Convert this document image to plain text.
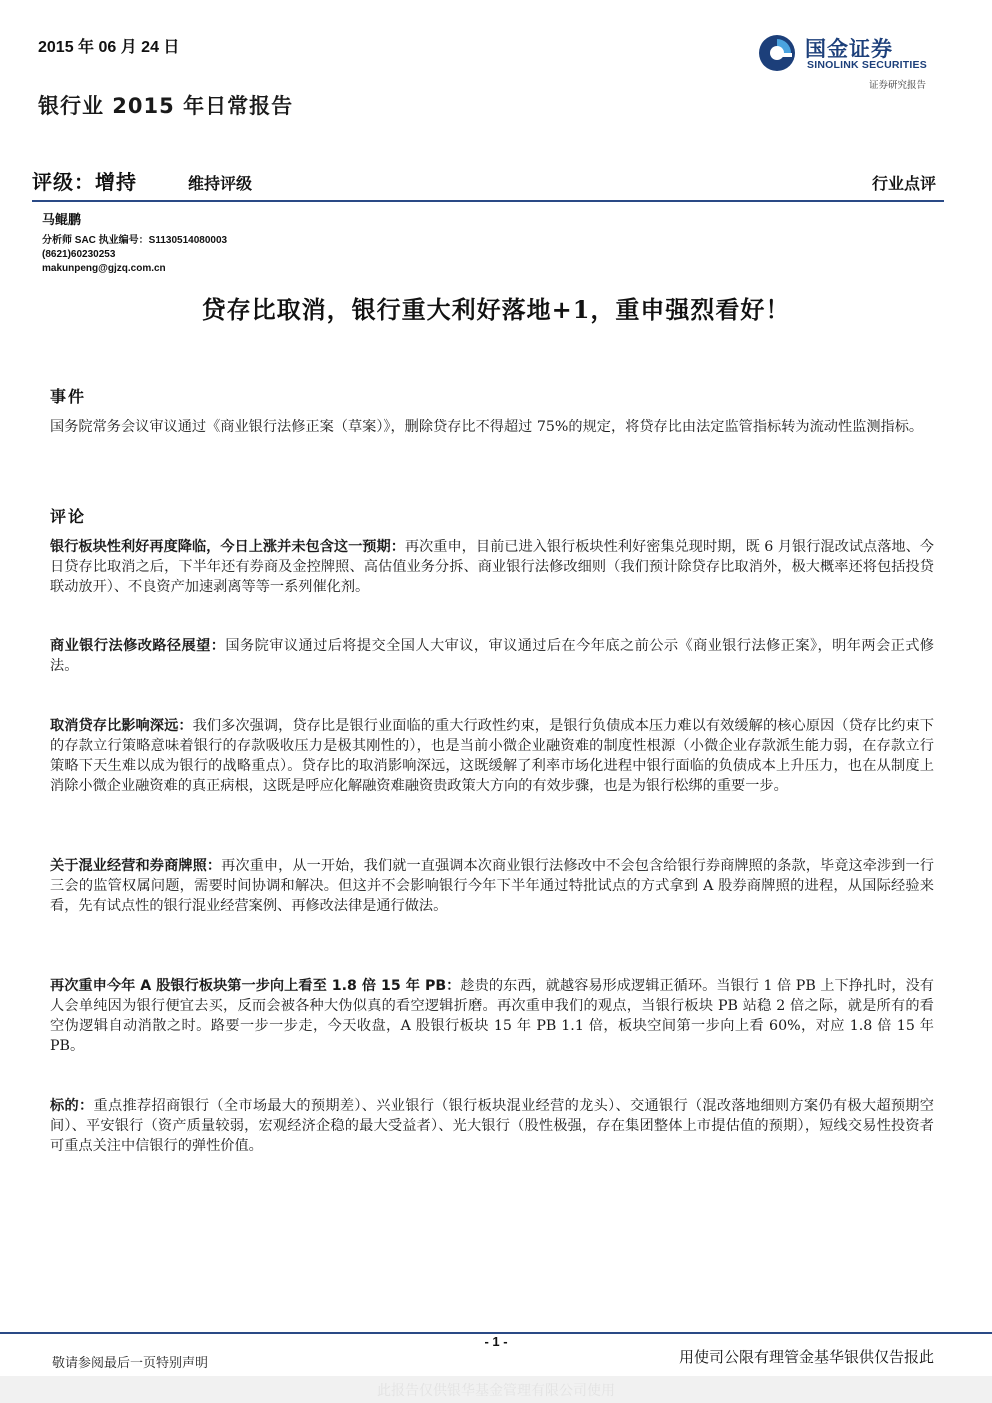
2015 年 06 月 24 日
银行业 2015 年日常报告
国金证券
SINOLINK SECURITIES
证券研究报告
评级：增持	维持评级	行业点评
马鲲鹏
分析师 SAC 执业编号：S1130514080003
(8621)60230253
makunpeng@gjzq.com.cn
贷存比取消，银行重大利好落地+1，重申强烈看好！
事件
国务院常务会议审议通过《商业银行法修正案（草案）》，删除贷存比不得超过 75%的规定，将贷存比由法定监管指标转为流动性监测指标。
评论
银行板块性利好再度降临，今日上涨并未包含这一预期：再次重申，目前已进入银行板块性利好密集兑现时期，既 6 月银行混改试点落地、今日贷存比取消之后，下半年还有券商及金控牌照、高估值业务分拆、商业银行法修改细则（我们预计除贷存比取消外，极大概率还将包括投贷联动放开）、不良资产加速剥离等等一系列催化剂。
商业银行法修改路径展望：国务院审议通过后将提交全国人大审议，审议通过后在今年底之前公示《商业银行法修正案》，明年两会正式修法。
取消贷存比影响深远：我们多次强调，贷存比是银行业面临的重大行政性约束，是银行负债成本压力难以有效缓解的核心原因（贷存比约束下的存款立行策略意味着银行的存款吸收压力是极其刚性的），也是当前小微企业融资难的制度性根源（小微企业存款派生能力弱，在存款立行策略下天生难以成为银行的战略重点）。贷存比的取消影响深远，这既缓解了利率市场化进程中银行面临的负债成本上升压力，也在从制度上消除小微企业融资难的真正病根，这既是呼应化解融资难融资贵政策大方向的有效步骤，也是为银行松绑的重要一步。
关于混业经营和券商牌照：再次重申，从一开始，我们就一直强调本次商业银行法修改中不会包含给银行券商牌照的条款，毕竟这牵涉到一行三会的监管权属问题，需要时间协调和解决。但这并不会影响银行今年下半年通过特批试点的方式拿到 A 股券商牌照的进程，从国际经验来看，先有试点性的银行混业经营案例、再修改法律是通行做法。
再次重申今年 A 股银行板块第一步向上看至 1.8 倍 15 年 PB：趁贵的东西，就越容易形成逻辑正循环。当银行 1 倍 PB 上下挣扎时，没有人会单纯因为银行便宜去买，反而会被各种大伪似真的看空逻辑折磨。再次重申我们的观点，当银行板块 PB 站稳 2 倍之际，就是所有的看空伪逻辑自动消散之时。路要一步一步走，今天收盘，A 股银行板块 15 年 PB 1.1 倍，板块空间第一步向上看 60%，对应 1.8 倍 15 年 PB。
标的：重点推荐招商银行（全市场最大的预期差）、兴业银行（银行板块混业经营的龙头）、交通银行（混改落地细则方案仍有极大超预期空间）、平安银行（资产质量较弱，宏观经济企稳的最大受益者）、光大银行（股性极强，存在集团整体上市提估值的预期），短线交易性投资者可重点关注中信银行的弹性价值。
- 1 -
敬请参阅最后一页特别声明	用使司公限有理管金基华银供仅告报此
此报告仅供银华基金管理有限公司使用
